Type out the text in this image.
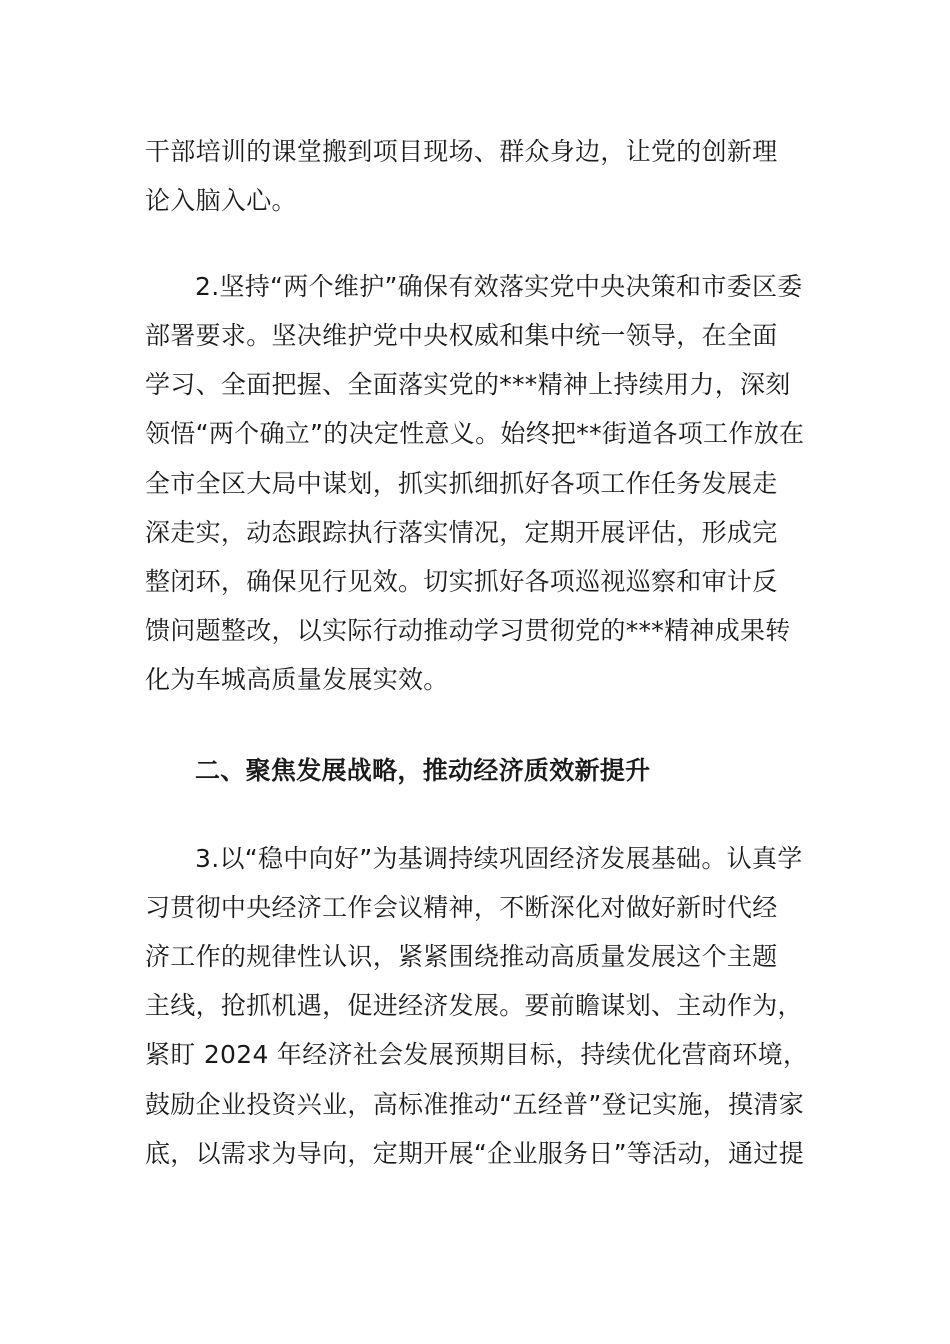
干部培训的课堂搬到项目现场、群众身边，让党的创新理
论入脑入心。
2.坚持“两个维护”确保有效落实党中央决策和市委区委
部署要求。坚决维护党中央权威和集中统一领导，在全面
学习、全面把握、全面落实党的***精神上持续用力，深刻
领悟“两个确立”的决定性意义。始终把**街道各项工作放在
全市全区大局中谋划，抓实抓细抓好各项工作任务发展走
深走实，动态跟踪执行落实情况，定期开展评估，形成完
整闭环，确保见行见效。切实抓好各项巡视巡察和审计反
馈问题整改，以实际行动推动学习贯彻党的***精神成果转
化为车城高质量发展实效。
二、聚焦发展战略，推动经济质效新提升
3.以“稳中向好”为基调持续巩固经济发展基础。认真学
习贯彻中央经济工作会议精神，不断深化对做好新时代经
济工作的规律性认识，紧紧围绕推动高质量发展这个主题
主线，抢抓机遇，促进经济发展。要前瞻谋划、主动作为，
紧盯 2024 年经济社会发展预期目标，持续优化营商环境，
鼓励企业投资兴业，高标准推动“五经普”登记实施，摸清家
底，以需求为导向，定期开展“企业服务日”等活动，通过提
